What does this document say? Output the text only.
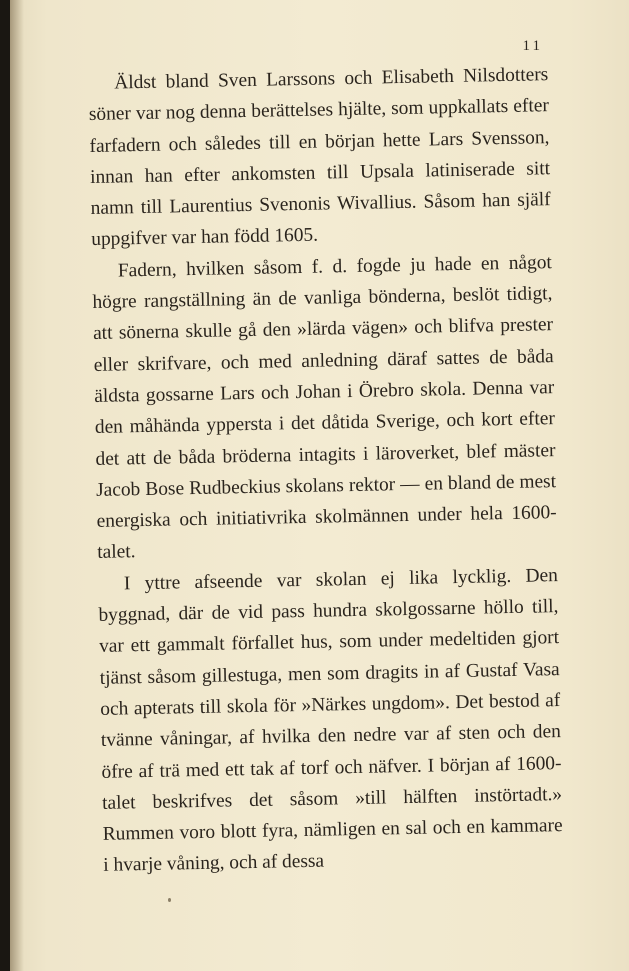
11

Äldst bland Sven Larssons och Elisabeth Nilsdotters söner var nog denna berättelses hjälte, som uppkallats efter farfadern och således till en början hette Lars Svensson, innan han efter ankomsten till Upsala latiniserade sitt namn till Laurentius Svenonis Wivallius. Såsom han själf uppgifver var han född 1605.

Fadern, hvilken såsom f. d. fogde ju hade en något högre rangställning än de vanliga bönderna, beslöt tidigt, att sönerna skulle gå den »lärda vägen» och blifva prester eller skrifvare, och med anledning däraf sattes de båda äldsta gossarne Lars och Johan i Örebro skola. Denna var den måhända yppersta i det dåtida Sverige, och kort efter det att de båda bröderna intagits i läroverket, blef mäster Jacob Bose Rudbeckius skolans rektor — en bland de mest energiska och initiativrika skolmännen under hela 1600-talet.

I yttre afseende var skolan ej lika lycklig. Den byggnad, där de vid pass hundra skolgossarne höllo till, var ett gammalt förfallet hus, som under medeltiden gjort tjänst såsom gillestuga, men som dragits in af Gustaf Vasa och apterats till skola för »Närkes ungdom». Det bestod af tvänne våningar, af hvilka den nedre var af sten och den öfre af trä med ett tak af torf och näfver. I början af 1600-talet beskrifves det såsom »till hälften instörtadt.» Rummen voro blott fyra, nämligen en sal och en kammare i hvarje våning, och af dessa
